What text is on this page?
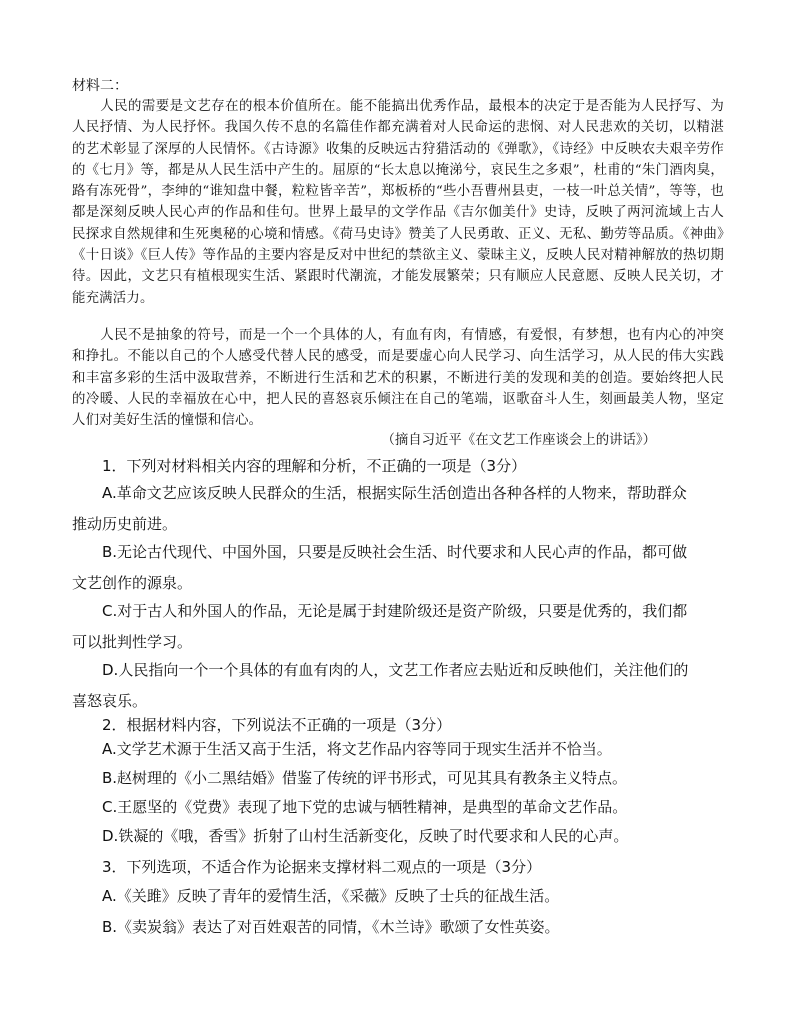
材料二：
人民的需要是文艺存在的根本价值所在。能不能搞出优秀作品，最根本的决定于是否能为人民抒写、为人民抒情、为人民抒怀。我国久传不息的名篇佳作都充满着对人民命运的悲悯、对人民悲欢的关切，以精湛的艺术彰显了深厚的人民情怀。《古诗源》收集的反映远古狩猎活动的《弹歌》，《诗经》中反映农夫艰辛劳作的《七月》等，都是从人民生活中产生的。屈原的“长太息以掩涕兮，哀民生之多艰”，杜甫的“朱门酒肉臭，路有冻死骨”，李绅的“谁知盘中餐，粒粒皆辛苦”，郑板桥的“些小吾曹州县吏，一枝一叶总关情”，等等，也都是深刻反映人民心声的作品和佳句。世界上最早的文学作品《吉尔伽美什》史诗，反映了两河流域上古人民探求自然规律和生死奥秘的心境和情感。《荷马史诗》赞美了人民勇敢、正义、无私、勤劳等品质。《神曲》《十日谈》《巨人传》等作品的主要内容是反对中世纪的禁欲主义、蒙昧主义，反映人民对精神解放的热切期待。因此，文艺只有植根现实生活、紧跟时代潮流，才能发展繁荣；只有顺应人民意愿、反映人民关切，才能充满活力。
人民不是抽象的符号，而是一个一个具体的人，有血有肉，有情感，有爱恨，有梦想，也有内心的冲突和挣扎。不能以自己的个人感受代替人民的感受，而是要虚心向人民学习、向生活学习，从人民的伟大实践和丰富多彩的生活中汲取营养，不断进行生活和艺术的积累，不断进行美的发现和美的创造。要始终把人民的冷暖、人民的幸福放在心中，把人民的喜怒哀乐倾注在自己的笔端，讴歌奋斗人生，刻画最美人物，坚定人们对美好生活的憧憬和信心。
（摘自习近平《在文艺工作座谈会上的讲话》）
1．下列对材料相关内容的理解和分析，不正确的一项是（3分）
A.革命文艺应该反映人民群众的生活，根据实际生活创造出各种各样的人物来，帮助群众
推动历史前进。
B.无论古代现代、中国外国，只要是反映社会生活、时代要求和人民心声的作品，都可做
文艺创作的源泉。
C.对于古人和外国人的作品，无论是属于封建阶级还是资产阶级，只要是优秀的，我们都
可以批判性学习。
D.人民指向一个一个具体的有血有肉的人，文艺工作者应去贴近和反映他们，关注他们的
喜怒哀乐。
2．根据材料内容，下列说法不正确的一项是（3分）
A.文学艺术源于生活又高于生活，将文艺作品内容等同于现实生活并不恰当。
B.赵树理的《小二黑结婚》借鉴了传统的评书形式，可见其具有教条主义特点。
C.王愿坚的《党费》表现了地下党的忠诚与牺牲精神，是典型的革命文艺作品。
D.铁凝的《哦，香雪》折射了山村生活新变化，反映了时代要求和人民的心声。
3．下列选项，不适合作为论据来支撑材料二观点的一项是（3分）
A.《关雎》反映了青年的爱情生活，《采薇》反映了士兵的征战生活。
B.《卖炭翁》表达了对百姓艰苦的同情，《木兰诗》歌颂了女性英姿。
